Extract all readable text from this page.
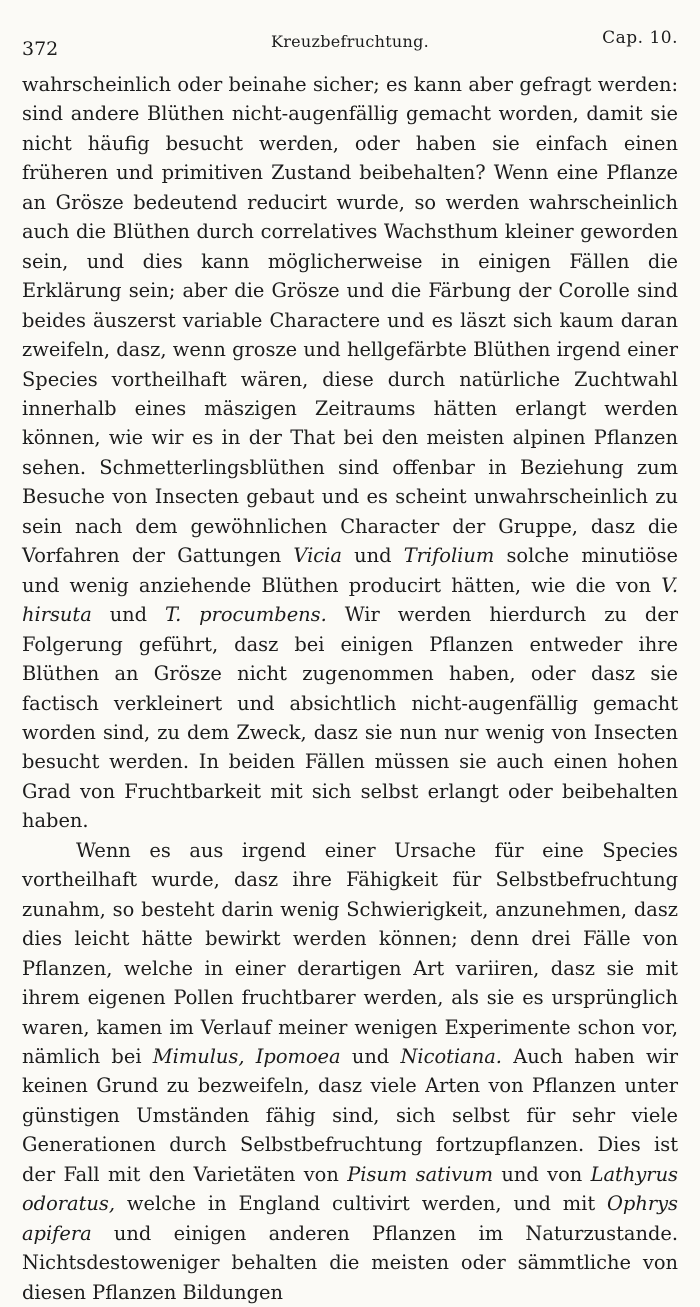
372	Kreuzbefruchtung.	Cap. 10.

wahrscheinlich oder beinahe sicher; es kann aber gefragt werden: sind andere Blüthen nicht-augenfällig gemacht worden, damit sie nicht häufig besucht werden, oder haben sie einfach einen früheren und primitiven Zustand beibehalten? Wenn eine Pflanze an Grösze bedeutend reducirt wurde, so werden wahrscheinlich auch die Blüthen durch correlatives Wachsthum kleiner geworden sein, und dies kann möglicherweise in einigen Fällen die Erklärung sein; aber die Grösze und die Färbung der Corolle sind beides äuszerst variable Charactere und es läszt sich kaum daran zweifeln, dasz, wenn grosze und hellgefärbte Blüthen irgend einer Species vortheilhaft wären, diese durch natürliche Zuchtwahl innerhalb eines mäszigen Zeitraums hätten erlangt werden können, wie wir es in der That bei den meisten alpinen Pflanzen sehen. Schmetterlingsblüthen sind offenbar in Beziehung zum Besuche von Insecten gebaut und es scheint unwahrscheinlich zu sein nach dem gewöhnlichen Character der Gruppe, dasz die Vorfahren der Gattungen Vicia und Trifolium solche minutiöse und wenig anziehende Blüthen producirt hätten, wie die von V. hirsuta und T. procumbens. Wir werden hierdurch zu der Folgerung geführt, dasz bei einigen Pflanzen entweder ihre Blüthen an Grösze nicht zugenommen haben, oder dasz sie factisch verkleinert und absichtlich nicht-augenfällig gemacht worden sind, zu dem Zweck, dasz sie nun nur wenig von Insecten besucht werden. In beiden Fällen müssen sie auch einen hohen Grad von Fruchtbarkeit mit sich selbst erlangt oder beibehalten haben.

Wenn es aus irgend einer Ursache für eine Species vortheilhaft wurde, dasz ihre Fähigkeit für Selbstbefruchtung zunahm, so besteht darin wenig Schwierigkeit, anzunehmen, dasz dies leicht hätte bewirkt werden können; denn drei Fälle von Pflanzen, welche in einer derartigen Art variiren, dasz sie mit ihrem eigenen Pollen fruchtbarer werden, als sie es ursprünglich waren, kamen im Verlauf meiner wenigen Experimente schon vor, nämlich bei Mimulus, Ipomoea und Nicotiana. Auch haben wir keinen Grund zu bezweifeln, dasz viele Arten von Pflanzen unter günstigen Umständen fähig sind, sich selbst für sehr viele Generationen durch Selbstbefruchtung fortzupflanzen. Dies ist der Fall mit den Varietäten von Pisum sativum und von Lathyrus odoratus, welche in England cultivirt werden, und mit Ophrys apifera und einigen anderen Pflanzen im Naturzustande. Nichtsdestoweniger behalten die meisten oder sämmtliche von diesen Pflanzen Bildungen
